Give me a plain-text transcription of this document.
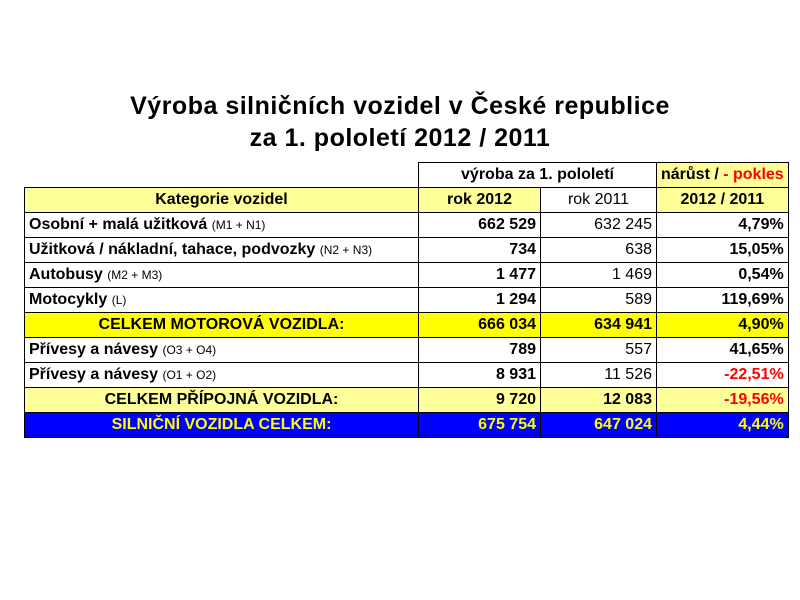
Výroba silničních vozidel v České republice
za 1. pololetí 2012 / 2011
	výroba za 1. pololetí		nárůst / - pokles
Kategorie vozidel	rok 2012	rok 2011	2012 / 2011
Osobní + malá užitková (M1 + N1)	662 529	632 245	4,79%
Užitková / nákladní, tahace, podvozky (N2 + N3)	734	638	15,05%
Autobusy (M2 + M3)	1 477	1 469	0,54%
Motocykly (L)	1 294	589	119,69%
CELKEM MOTOROVÁ VOZIDLA:	666 034	634 941	4,90%
Přívesy a návesy (O3 + O4)	789	557	41,65%
Přívesy a návesy (O1 + O2)	8 931	11 526	-22,51%
CELKEM PŘÍPOJNÁ VOZIDLA:	9 720	12 083	-19,56%
SILNIČNÍ VOZIDLA CELKEM:	675 754	647 024	4,44%
